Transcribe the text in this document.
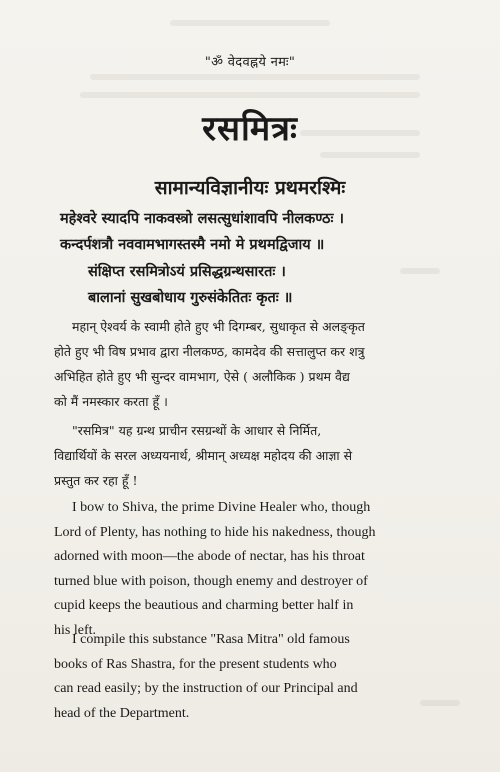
"ॐ वेदवह्नये नमः"
रसमित्रः
सामान्यविज्ञानीयः प्रथमरश्मिः
महेश्वरे स्यादपि नाकवस्त्रो लसत्सुधांशावपि नीलकण्ठः ।
कन्दर्पशत्रौ नववामभागस्तस्मै नमो मे प्रथमद्विजाय ॥
संक्षिप्त रसमित्रोऽयं प्रसिद्धग्रन्थसारतः ।
बालानां सुखबोधाय गुरुसंकेतितः कृतः ॥
महान् ऐश्वर्य के स्वामी होते हुए भी दिगम्बर, सुधाकृत से अलङ्कृत
होते हुए भी विष प्रभाव द्वारा नीलकण्ठ, कामदेव की सत्तालुप्त कर शत्रु
अभिहित होते हुए भी सुन्दर वामभाग, ऐसे ( अलौकिक ) प्रथम वैद्य
को मैं नमस्कार करता हूँ ।
"रसमित्र" यह ग्रन्थ प्राचीन रसग्रन्थों के आधार से निर्मित,
विद्यार्थियों के सरल अध्ययनार्थ, श्रीमान् अध्यक्ष महोदय की आज्ञा से
प्रस्तुत कर रहा हूँ !
I bow to Shiva, the prime Divine Healer who, though
Lord of Plenty, has nothing to hide his nakedness, though
adorned with moon—the abode of nectar, has his throat
turned blue with poison, though enemy and destroyer of
cupid keeps the beautious and charming better half in
his left.
I compile this substance "Rasa Mitra" old famous
books of Ras Shastra, for the present students who
can read easily; by the instruction of our Principal and
head of the Department.
